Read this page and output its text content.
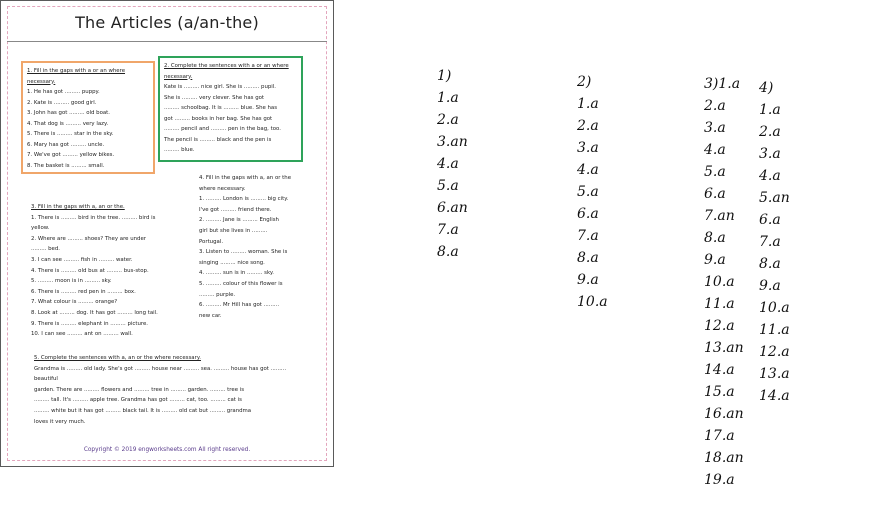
The Articles (a/an-the)
1. Fill in the gaps with a or an where necessary.
1. He has got ......... puppy.
2. Kate is ......... good girl.
3. John has got ......... old boat.
4. That dog is ......... very lazy.
5. There is ......... star in the sky.
6. Mary has got ......... uncle.
7. We've got ......... yellow bikes.
8. The basket is ......... small.
2. Complete the sentences with a or an where necessary.
Kate is ......... nice girl. She is ......... pupil.
She is ......... very clever. She has got
......... schoolbag. It is ......... blue. She has
got ......... books in her bag. She has got
......... pencil and ......... pen in the bag, too.
The pencil is ......... black and the pen is
......... blue.
4. Fill in the gaps with a, an or the where necessary.
1. ......... London is ......... big city.
I've got ......... friend there.
2. ......... Jane is ......... English
girl but she lives in .........
Portugal.
3. Listen to ......... woman. She is
singing ......... nice song.
4. ......... sun is in ......... sky.
5. ......... colour of this flower is
......... purple.
6. ......... Mr Hill has got .........
new car.
3. Fill in the gaps with a, an or the.
1. There is ......... bird in the tree. ......... bird is
yellow.
2. Where are ......... shoes? They are under
......... bed.
3. I can see ......... fish in ......... water.
4. There is ......... old bus at ......... bus-stop.
5. ......... moon is in ......... sky.
6. There is ......... red pen in ......... box.
7. What colour is ......... orange?
8. Look at ......... dog. It has got ......... long tail.
9. There is ......... elephant in ......... picture.
10. I can see ......... ant on ......... wall.
5. Complete the sentences with a, an or the where necessary.
Grandma is ......... old lady. She's got ......... house near ......... sea. ......... house has got ......... beautiful
garden. There are ......... flowers and ......... tree in ......... garden. ......... tree is
......... tall. It's ......... apple tree. Grandma has got ......... cat, too. ......... cat is
......... white but it has got ......... black tail. It is ......... old cat but ......... grandma
loves it very much.
Copyright © 2019 engworksheets.com All right reserved.
1)
1.a
2.a
3.an
4.a
5.a
6.an
7.a
8.a
2)
1.a
2.a
3.a
4.a
5.a
6.a
7.a
8.a
9.a
10.a
3)1.a
2.a
3.a
4.a
5.a
6.a
7.an
8.a
9.a
10.a
11.a
12.a
13.an
14.a
15.a
16.an
17.a
18.an
19.a
4)
1.a
2.a
3.a
4.a
5.an
6.a
7.a
8.a
9.a
10.a
11.a
12.a
13.a
14.a
